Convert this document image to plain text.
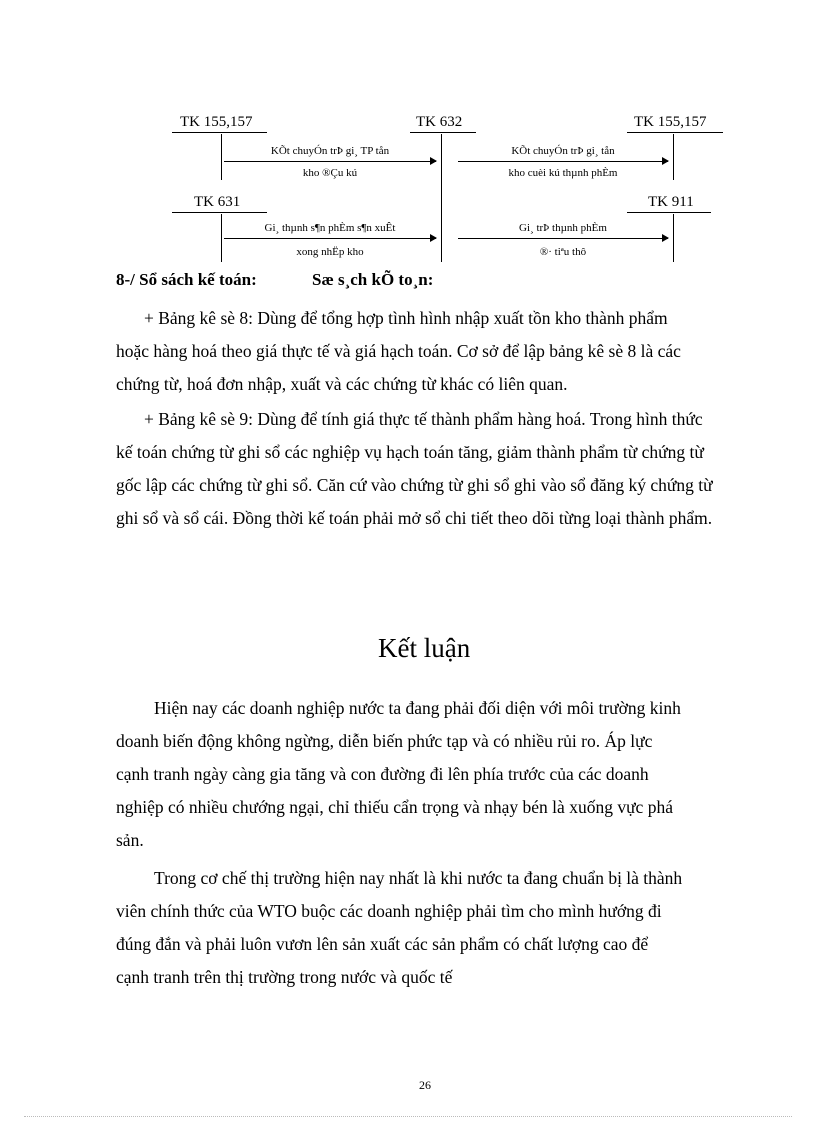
TK 155,157	TK 632	TK 155,157
KÕt chuyÓn trÞ gi¸ TP tån
kho ®Çu kú
KÕt chuyÓn trÞ gi¸ tån
kho cuèi kú thµnh phÈm
TK 631	TK 911
Gi¸ thµnh s¶n phÈm s¶n xuÊt
xong nhËp kho
Gi¸ trÞ thµnh phÈm
®· tiªu thô
8-/ Sổ sách kế toán:	Sæ s¸ch kÕ to¸n:
+ Bảng kê sè 8: Dùng để tổng hợp tình hình nhập xuất tồn kho thành phẩm
hoặc hàng hoá theo giá thực tế và giá hạch toán. Cơ sở để lập bảng kê sè 8 là các
chứng từ, hoá đơn nhập, xuất và các chứng từ khác có liên quan.
+ Bảng kê sè 9: Dùng để tính giá thực tế thành phẩm hàng hoá. Trong hình thức
kế toán chứng từ ghi sổ các nghiệp vụ hạch toán tăng, giảm thành phẩm từ chứng từ
gốc lập các chứng từ ghi sổ. Căn cứ vào chứng từ ghi sổ ghi vào sổ đăng ký chứng từ
ghi sổ và sổ cái. Đồng thời kế toán phải mở sổ chi tiết theo dõi từng loại thành phẩm.
Kết luận
Hiện nay các doanh nghiệp nước ta đang phải đối diện với môi trường kinh
doanh biến động không ngừng, diễn biến phức tạp và có nhiều rủi ro. Áp lực
cạnh tranh ngày càng gia tăng và con đường đi lên phía trước của các doanh
nghiệp có nhiều chướng ngại, chỉ thiếu cẩn trọng và nhạy bén là xuống vực phá
sản.
Trong cơ chế thị trường hiện nay nhất là khi nước ta đang chuẩn bị là thành
viên chính thức của WTO buộc các doanh nghiệp phải tìm cho mình hướng đi
đúng đắn và phải luôn vươn lên sản xuất các sản phẩm có chất lượng cao để
cạnh tranh trên thị trường trong nước và quốc tế
26
